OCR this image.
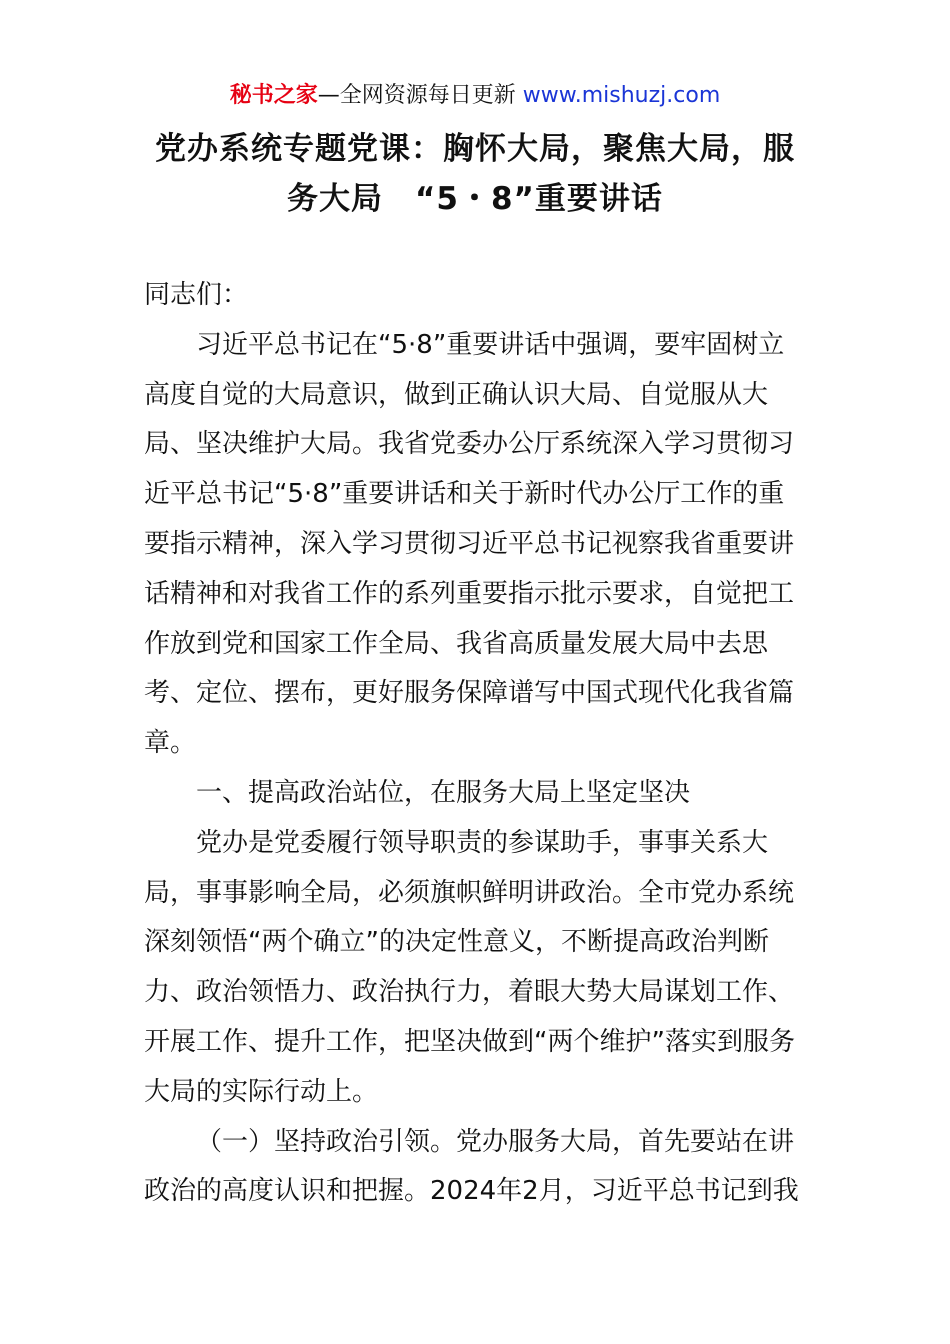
秘书之家—全网资源每日更新 www.mishuzj.com
党办系统专题党课：胸怀大局，聚焦大局，服
务大局　“5・8”重要讲话

同志们：

习近平总书记在“5·8”重要讲话中强调，要牢固树立高度自觉的大局意识，做到正确认识大局、自觉服从大局、坚决维护大局。我省党委办公厅系统深入学习贯彻习近平总书记“5·8”重要讲话和关于新时代办公厅工作的重要指示精神，深入学习贯彻习近平总书记视察我省重要讲话精神和对我省工作的系列重要指示批示要求，自觉把工作放到党和国家工作全局、我省高质量发展大局中去思考、定位、摆布，更好服务保障谱写中国式现代化我省篇章。

一、提高政治站位，在服务大局上坚定坚决

党办是党委履行领导职责的参谋助手，事事关系大局，事事影响全局，必须旗帜鲜明讲政治。全市党办系统深刻领悟“两个确立”的决定性意义，不断提高政治判断力、政治领悟力、政治执行力，着眼大势大局谋划工作、开展工作、提升工作，把坚决做到“两个维护”落实到服务大局的实际行动上。

（一）坚持政治引领。党办服务大局，首先要站在讲政治的高度认识和把握。2024年2月，习近平总书记到我
